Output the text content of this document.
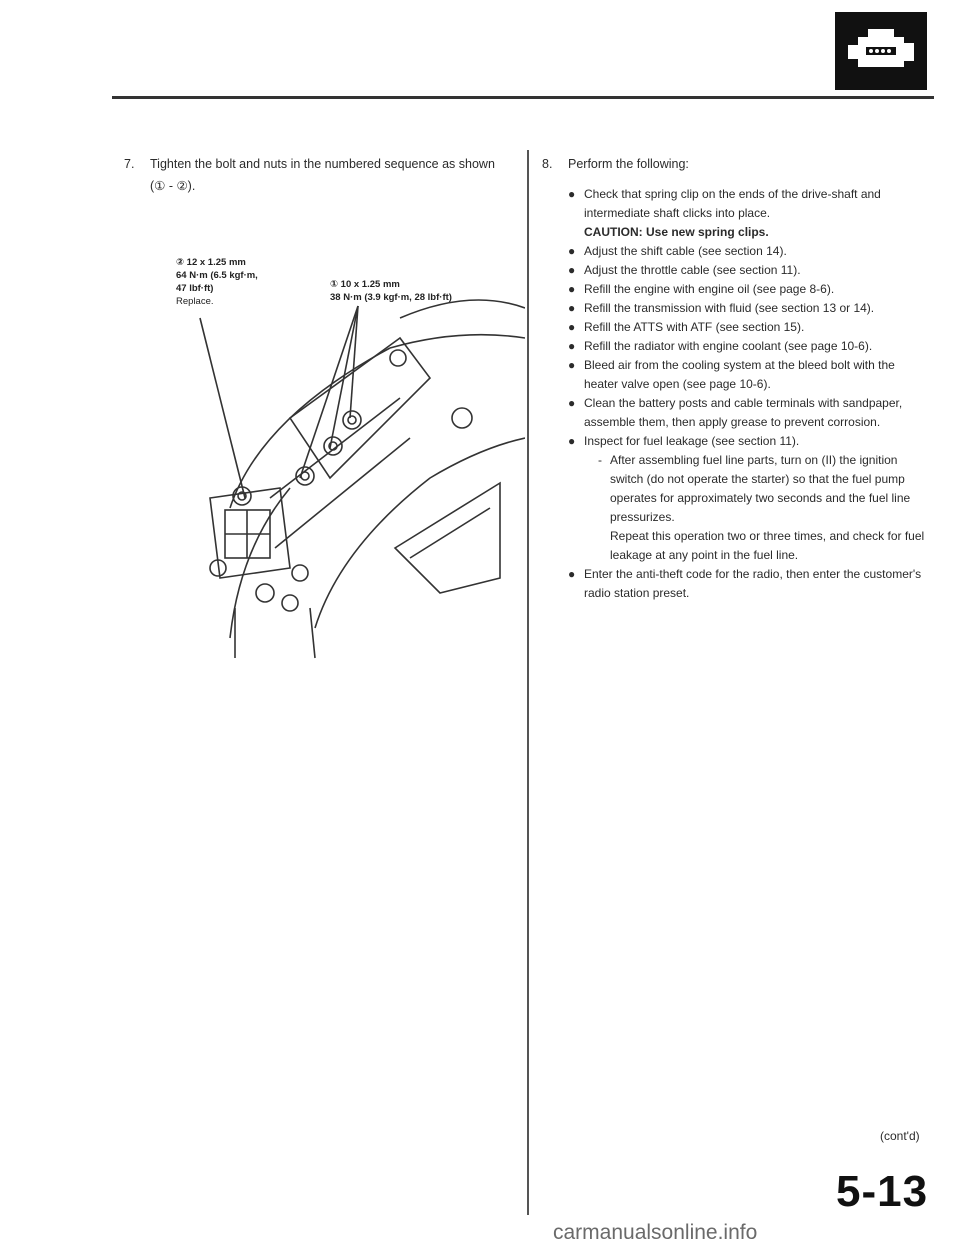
7. Tighten the bolt and nuts in the numbered sequence as shown (① - ②).
② 12 x 1.25 mm
64 N·m (6.5 kgf·m,
47 lbf·ft)
Replace.
① 10 x 1.25 mm
38 N·m (3.9 kgf·m, 28 lbf·ft)
8. Perform the following:
● Check that spring clip on the ends of the drive-shaft and intermediate shaft clicks into place.
CAUTION: Use new spring clips.
● Adjust the shift cable (see section 14).
● Adjust the throttle cable (see section 11).
● Refill the engine with engine oil (see page 8-6).
● Refill the transmission with fluid (see section 13 or 14).
● Refill the ATTS with ATF (see section 15).
● Refill the radiator with engine coolant (see page 10-6).
● Bleed air from the cooling system at the bleed bolt with the heater valve open (see page 10-6).
● Clean the battery posts and cable terminals with sandpaper, assemble them, then apply grease to prevent corrosion.
● Inspect for fuel leakage (see section 11).
- After assembling fuel line parts, turn on (II) the ignition switch (do not operate the starter) so that the fuel pump operates for approximately two seconds and the fuel line pressurizes.
Repeat this operation two or three times, and check for fuel leakage at any point in the fuel line.
● Enter the anti-theft code for the radio, then enter the customer's radio station preset.
(cont'd)
5-13
carmanualsonline.info
